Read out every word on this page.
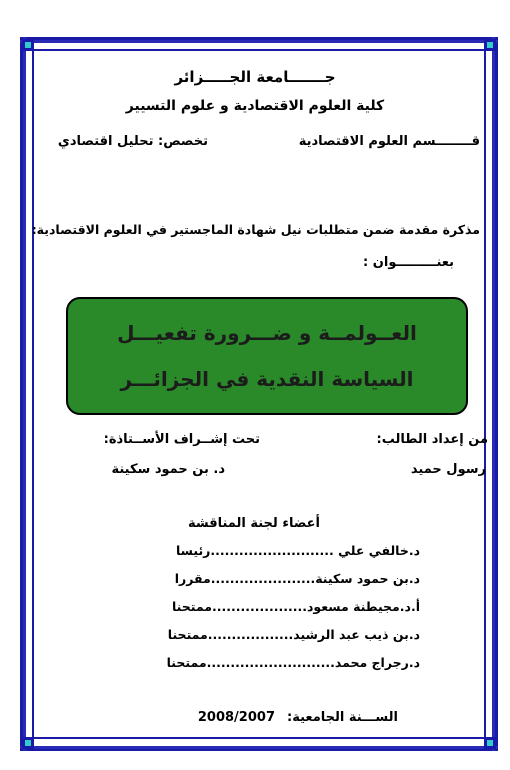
جـــــــامعة الجـــــزائر
كلية العلوم الاقتصادية و علوم التسيير
قــــــــسم العلوم الاقتصادية
تخصص: تحليل اقتصادي
مذكرة مقدمة ضمن متطلبات نيل شهادة الماجستير في العلوم الاقتصادية:
بعنـــــــــوان :
العــولمــة و ضـــرورة تفعيـــل
السياسة النقدية في الجزائـــر
من إعداد الطالب:
رسول حميد
تحت إشــراف الأســتاذة:
د. بن حمود سكينة
أعضاء لجنة المناقشة
د.خالفي علي ..........................رئيسا
د.بن حمود سكينة......................مقررا
أ.د.مجيطنة مسعود....................ممتحنا
د.بن ذيب عبد الرشيد..................ممتحنا
د.رجراج محمد...........................ممتحنا
الســـنة الجامعية:
2008/2007
